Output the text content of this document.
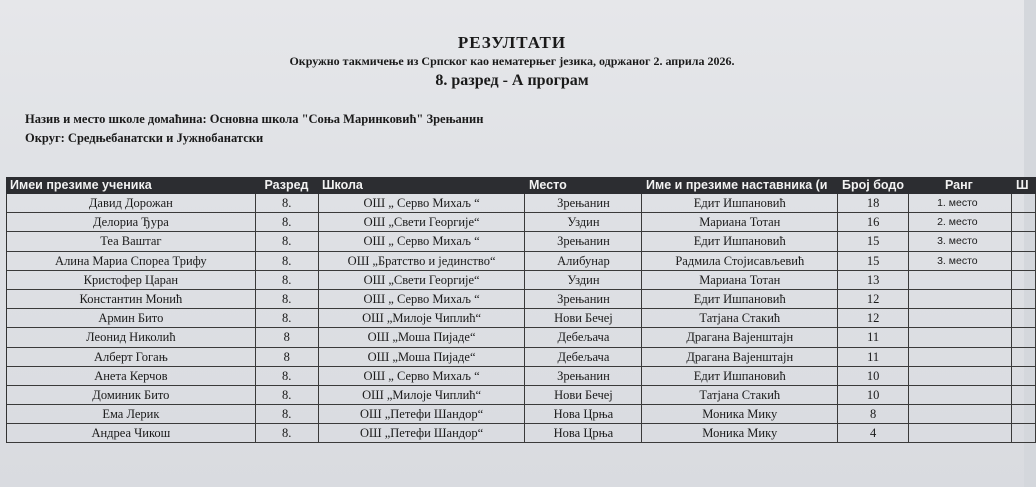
РЕЗУЛТАТИ
Окружно такмичење из Српског као нематерњег језика, одржаног 2. априла 2026.
8. разред - А програм
Назив и место школе домаћина: Основна школа "Соња Маринковић" Зрењанин
Округ: Средњебанатски и Јужнобанатски
Имеи презиме ученика	Разред	Школа	Место	Име и презиме наставника (и	Број бодо	Ранг	Ш
Давид Дорожан	8.	ОШ „ Серво Михаљ “	Зрењанин	Едит Ишпановић	18	1. место
Делориа Ђура	8.	ОШ „Свети Георгије“	Уздин	Мариана Тотан	16	2. место
Теа Ваштаг	8.	ОШ „ Серво Михаљ “	Зрењанин	Едит Ишпановић	15	3. место
Алина Мариа Спореа Трифу	8.	ОШ „Братство и јединство“	Алибунар	Радмила Стојисављевић	15	3. место
Кристофер Царан	8.	ОШ „Свети Георгије“	Уздин	Мариана Тотан	13
Константин Монић	8.	ОШ „ Серво Михаљ “	Зрењанин	Едит Ишпановић	12
Армин Бито	8.	ОШ „Милоје Чиплић“	Нови Бечеј	Татјана Стакић	12
Леонид Николић	8	ОШ „Моша Пијаде“	Дебељача	Драгана Вајенштајн	11
Алберт Гогањ	8	ОШ „Моша Пијаде“	Дебељача	Драгана Вајенштајн	11
Анета Керчов	8.	ОШ „ Серво Михаљ “	Зрењанин	Едит Ишпановић	10
Доминик Бито	8.	ОШ „Милоје Чиплић“	Нови Бечеј	Татјана Стакић	10
Ема Лерик	8.	ОШ „Петефи Шандор“	Нова Црња	Моника Мику	8
Андреа Чикош	8.	ОШ „Петефи Шандор“	Нова Црња	Моника Мику	4
